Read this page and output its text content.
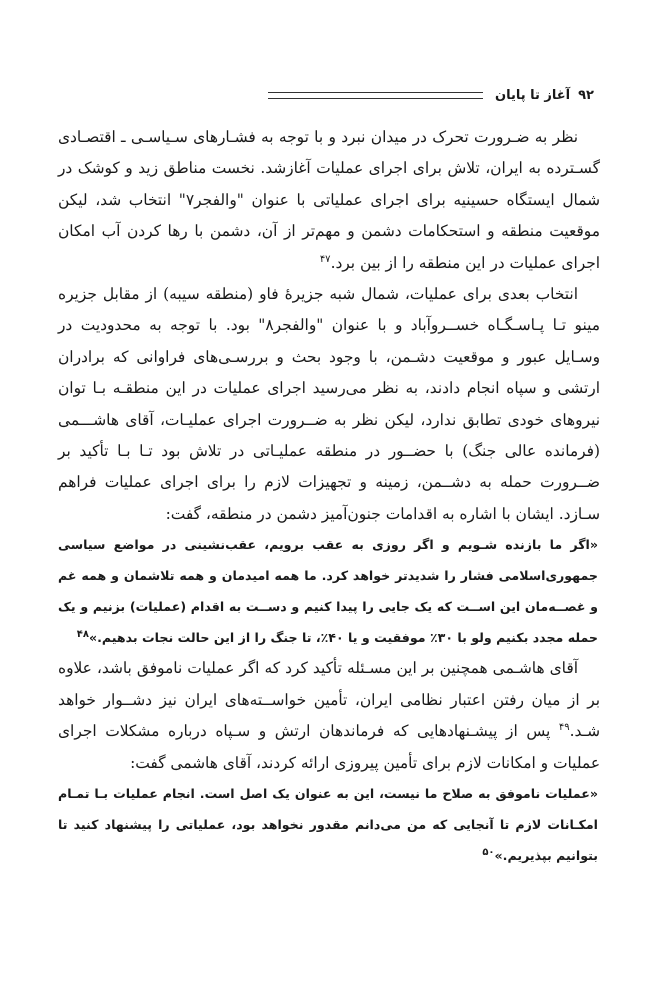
۹۲
آغاز تا پایان

نظر به ضـرورت تحرک در میدان نبرد و با توجه به فشـارهای سـیاسـی ـ اقتصـادی گسـترده به ایران، تلاش برای اجرای عملیات آغازشد. نخست مناطق زید و کوشک در شمال ایستگاه حسینیه برای اجرای عملیاتی با عنوان "والفجر۷" انتخاب شد، لیکن موقعیت منطقه و استحکامات دشمن و مهم‌تر از آن، دشمن با رها کردن آب امکان اجرای عملیات در این منطقه را از بین برد.$^{۴۷}$

انتخاب بعدی برای عملیات، شمال شبه جزیرهٔ فاو (منطقه سیبه) از مقابل جزیره مینو تـا پـاسـگـاه خســروآباد و با عنوان "والفجر۸" بود. با توجه به محدودیت در وسـایل عبور و موقعیت دشـمن، با وجود بحث و بررسـی‌های فراوانی که برادران ارتشی و سپاه انجام دادند، به نظر می‌رسید اجرای عملیات در این منطقـه بـا توان نیروهای خودی تطابق ندارد، لیکن نظر به ضــرورت اجرای عملیـات، آقای هاشـــمی (فرمانده عالی جنگ) با حضــور در منطقه عملیـاتی در تلاش بود تـا بـا تأکید بر ضــرورت حمله به دشــمن، زمینه و تجهیزات لازم را برای اجرای عملیات فراهم سـازد. ایشان با اشاره به اقدامات جنون‌آمیز دشمن در منطقه، گفت:

«اگر ما بازنده شـویم و اگر روزی به عقب برویم، عقب‌نشینی در مواضع سیاسی جمهوری‌اسلامی فشار را شدیدتر خواهد کرد. ما همه امیدمان و همه تلاشمان و همه غم و غصــه‌مان این اســت که یک جایی را پیدا کنیم و دســت به اقدام (عملیات) بزنیم و یک حمله مجدد بکنیم ولو با ۳۰٪ موفقیت و یا ۴۰٪، تا جنگ را از این حالت نجات بدهیم.»$^{۴۸}$

آقای هاشـمی همچنین بر این مسـئله تأکید کرد که اگر عملیات ناموفق باشد، علاوه بر از میان رفتن اعتبار نظامی ایران، تأمین خواســته‌های ایران نیز دشــوار خواهد شـد.$^{۴۹}$ پس از پیشـنهادهایی که فرماندهان ارتش و سـپاه درباره مشکلات اجرای عملیات و امکانات لازم برای تأمین پیروزی ارائه کردند، آقای هاشمی گفت:

«عملیات ناموفق به صلاح ما نیست، این به عنوان یک اصل است. انجام عملیات بـا تمـام امکـانات لازم تا آنجایی که من می‌دانم مقدور نخواهد بود، عملیاتی را پیشنهاد کنید تا بتوانیم بپذیریم.»$^{۵۰}$
